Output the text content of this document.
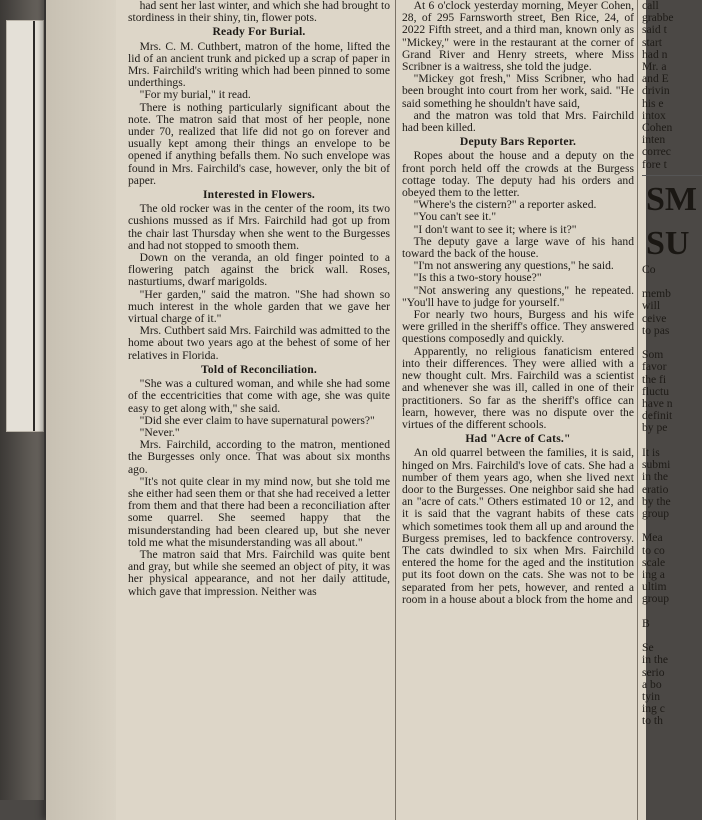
had sent her last winter, and which she had brought to stordiness in their shiny, tin, flower pots.

Ready For Burial.

Mrs. C. M. Cuthbert, matron of the home, lifted the lid of an ancient trunk and picked up a scrap of paper in Mrs. Fairchild's writing which had been pinned to some underthings.

"For my burial," it read.

There is nothing particularly significant about the note. The matron said that most of her people, none under 70, realized that life did not go on forever and usually kept among their things an envelope to be opened if anything befalls them. No such envelope was found in Mrs. Fairchild's case, however, only the bit of paper.

Interested in Flowers.

The old rocker was in the center of the room, its two cushions mussed as if Mrs. Fairchild had got up from the chair last Thursday when she went to the Burgesses and had not stopped to smooth them.

Down on the veranda, an old finger pointed to a flowering patch against the brick wall. Roses, nasturtiums, dwarf marigolds.

"Her garden," said the matron. "She had shown so much interest in the whole garden that we gave her virtual charge of it."

Mrs. Cuthbert said Mrs. Fairchild was admitted to the home about two years ago at the behest of some of her relatives in Florida.

Told of Reconciliation.

"She was a cultured woman, and while she had some of the eccentricities that come with age, she was quite easy to get along with," she said.

"Did she ever claim to have supernatural powers?"

"Never."

Mrs. Fairchild, according to the matron, mentioned the Burgesses only once. That was about six months ago.

"It's not quite clear in my mind now, but she told me she either had seen them or that she had received a letter from them and that there had been a reconciliation after some quarrel. She seemed happy that the misunderstanding had been cleared up, but she never told me what the misunderstanding was all about."

The matron said that Mrs. Fairchild was quite bent and gray, but while she seemed an object of pity, it was her physical appearance, and not her daily attitude, which gave that impression. Neither was

At 6 o'clock yesterday morning, Meyer Cohen, 28, of 295 Farnsworth street, Ben Rice, 24, of 2022 Fifth street, and a third man, known only as "Mickey," were in the restaurant at the corner of Grand River and Henry streets, where Miss Scribner is a waitress, she told the judge.

"Mickey got fresh," Miss Scribner, who had been brought into court from her work, said. "He said something he shouldn't have said,

and the matron was told that Mrs. Fairchild had been killed.

Deputy Bars Reporter.

Ropes about the house and a deputy on the front porch held off the crowds at the Burgess cottage today. The deputy had his orders and obeyed them to the letter.

"Where's the cistern?" a reporter asked.

"You can't see it."

"I don't want to see it; where is it?"

The deputy gave a large wave of his hand toward the back of the house.

"I'm not answering any questions," he said.

"Is this a two-story house?"

"Not answering any questions," he repeated. "You'll have to judge for yourself."

For nearly two hours, Burgess and his wife were grilled in the sheriff's office. They answered questions composedly and quickly.

Apparently, no religious fanaticism entered into their differences. They were allied with a new thought cult. Mrs. Fairchild was a scientist and whenever she was ill, called in one of their practitioners. So far as the sheriff's office can learn, however, there was no dispute over the virtues of the different schools.

Had "Acre of Cats."

An old quarrel between the families, it is said, hinged on Mrs. Fairchild's love of cats. She had a number of them years ago, when she lived next door to the Burgesses. One neighbor said she had an "acre of cats." Others estimated 10 or 12, and it is said that the vagrant habits of these cats which sometimes took them all up and around the Burgess premises, led to backfence controversy. The cats dwindled to six when Mrs. Fairchild entered the home for the aged and the institution put its foot down on the cats. She was not to be separated from her pets, however, and rented a room in a house about a block from the home and

call
grabbe
said t
start
had n
Mr. a
and E
drivin
his e
intox
Cohen
inten
correc
fore t
SM
SU
Co

memb
will
ceive
to pas

Som
favor
the fi
fluctu
have n
definit
by pe

It is
submi
in the
eratio
by the
group

Mea
to co
scale
ing a
ultim
group

B

Se
in the
serio
a bo
tyin
ing c
to th
